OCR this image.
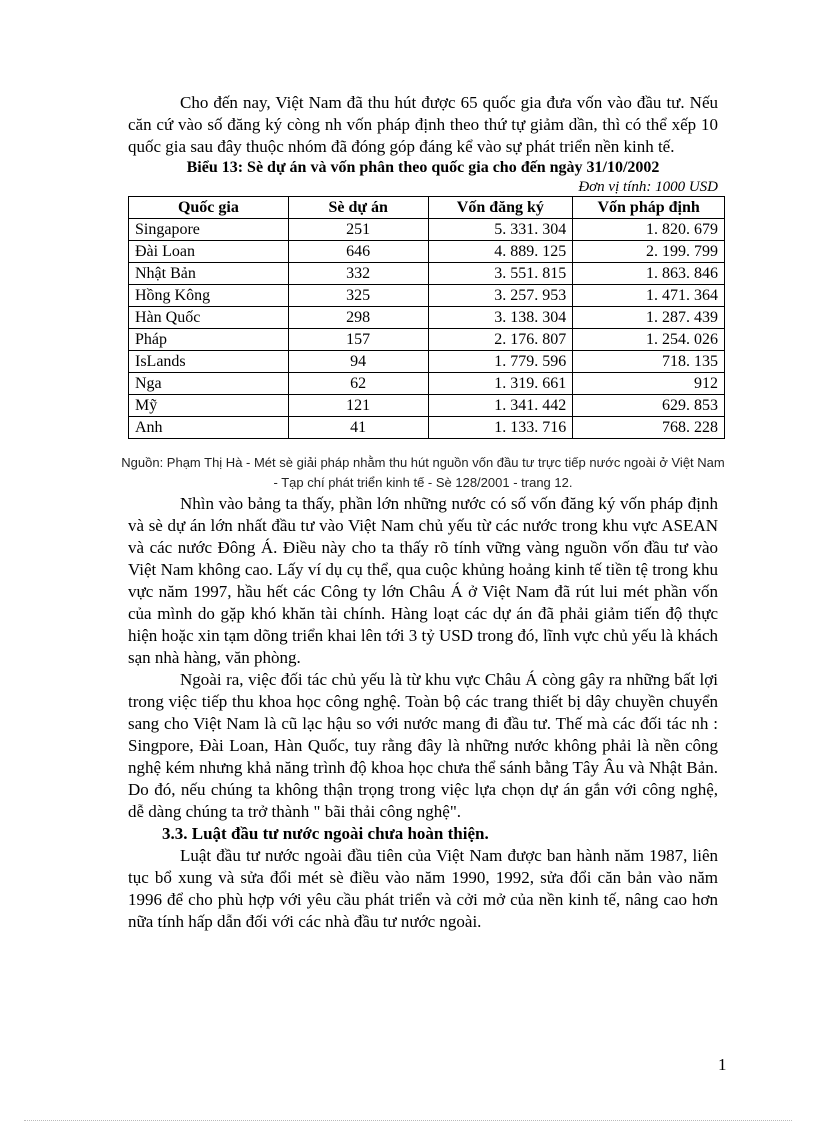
Cho đến nay, Việt Nam đã thu hút được 65 quốc gia đưa vốn vào đầu tư. Nếu căn cứ vào số đăng ký còng nh vốn pháp định theo thứ tự giảm dần, thì có thể xếp 10 quốc gia sau đây thuộc nhóm đã đóng góp đáng kể vào sự phát triển nền kinh tế.

Biểu 13: Sè dự án và vốn phân theo quốc gia cho đến ngày 31/10/2002

Đơn vị tính: 1000 USD

Quốc gia	Sè dự án	Vốn đăng ký	Vốn pháp định
Singapore	251	5. 331. 304	1. 820. 679
Đài Loan	646	4. 889. 125	2. 199. 799
Nhật Bản	332	3. 551. 815	1. 863. 846
Hồng Kông	325	3. 257. 953	1. 471. 364
Hàn Quốc	298	3. 138. 304	1. 287. 439
Pháp	157	2. 176. 807	1. 254. 026
IsLands	94	1. 779. 596	718. 135
Nga	62	1. 319. 661	912
Mỹ	121	1. 341. 442	629. 853
Anh	41	1. 133. 716	768. 228

Nguồn: Phạm Thị Hà - Mét sè giải pháp nhằm thu hút nguồn vốn đầu tư trực tiếp nước ngoài ở Việt Nam - Tạp chí phát triển kinh tế - Sè 128/2001 - trang 12.

Nhìn vào bảng ta thấy, phần lớn những nước có số vốn đăng ký vốn pháp định và sè dự án lớn nhất đầu tư vào Việt Nam chủ yếu từ các nước trong khu vực ASEAN và các nước Đông Á. Điều này cho ta thấy rõ tính vững vàng nguồn vốn đầu tư vào Việt Nam không cao. Lấy ví dụ cụ thể, qua cuộc khủng hoảng kinh tế tiền tệ trong khu vực năm 1997, hầu hết các Công ty lớn Châu Á ở Việt Nam đã rút lui mét phần vốn của mình do gặp khó khăn tài chính. Hàng loạt các dự án đã phải giảm tiến độ thực hiện hoặc xin tạm dõng triển khai lên tới 3 tỷ USD trong đó, lĩnh vực chủ yếu là khách sạn nhà hàng, văn phòng.

Ngoài ra, việc đối tác chủ yếu là từ khu vực Châu Á còng gây ra những bất lợi trong việc tiếp thu khoa học công nghệ. Toàn bộ các trang thiết bị dây chuyền chuyển sang cho Việt Nam là cũ lạc hậu so với nước mang đi đầu tư. Thế mà các đối tác nh : Singpore, Đài Loan, Hàn Quốc, tuy rằng đây là những nước không phải là nền công nghệ kém nhưng khả năng trình độ khoa học chưa thể sánh bằng Tây Âu và Nhật Bản. Do đó, nếu chúng ta không thận trọng trong việc lựa chọn dự án gắn với công nghệ, dễ dàng chúng ta trở thành " bãi thải công nghệ".

3.3. Luật đầu tư nước ngoài chưa hoàn thiện.

Luật đầu tư nước ngoài đầu tiên của Việt Nam được ban hành năm 1987, liên tục bổ xung và sửa đổi mét sè điều vào năm 1990, 1992, sửa đổi căn bản vào năm 1996 để cho phù hợp với yêu cầu phát triển và cởi mở của nền kinh tế, nâng cao hơn nữa tính hấp dẫn đối với các nhà đầu tư nước ngoài.

1
